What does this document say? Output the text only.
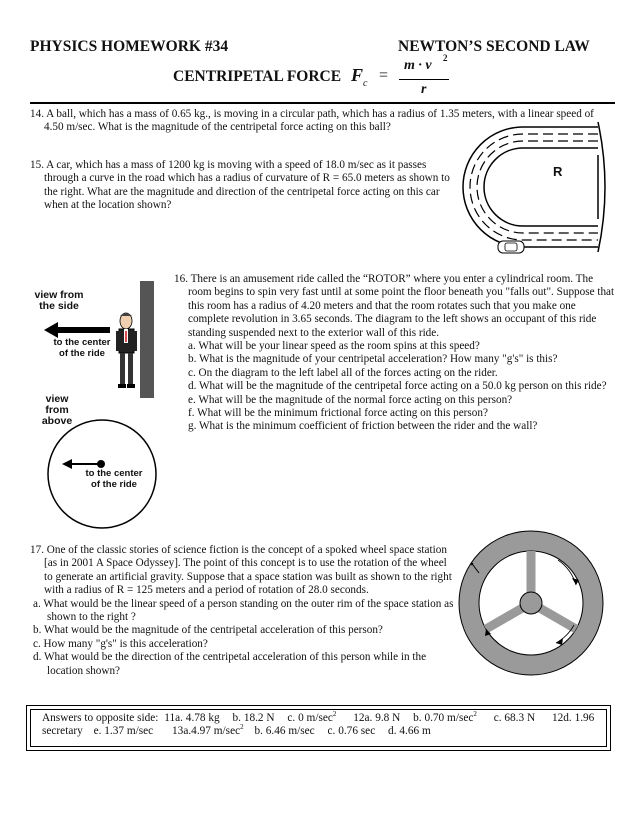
PHYSICS HOMEWORK #34	NEWTON’S SECOND LAW
CENTRIPETAL FORCE F c =
m · v 2
r
14. A ball, which has a mass of 0.65 kg., is moving in a circular path, which has a radius of 1.35 meters, with a linear speed of 4.50 m/sec. What is the magnitude of the centripetal force acting on this ball?
15. A car, which has a mass of 1200 kg is moving with a speed of 18.0 m/sec as it passes through a curve in the road which has a radius of curvature of R = 65.0 meters as shown to the right. What are the magnitude and direction of the centripetal force acting on this car when at the location shown?
R
16. There is an amusement ride called the “ROTOR” where you enter a cylindrical room. The room begins to spin very fast until at some point the floor beneath you "falls out". Suppose that this room has a radius of 4.20 meters and that the room rotates such that you make one complete revolution in 3.65 seconds. The diagram to the left shows an occupant of this ride standing suspended next to the exterior wall of this ride.
a. What will be your linear speed as the room spins at this speed?
b. What is the magnitude of your centripetal acceleration? How many "g's" is this?
c. On the diagram to the left label all of the forces acting on the rider.
d. What will be the magnitude of the centripetal force acting on a 50.0 kg person on this ride?
e. What will be the magnitude of the normal force acting on this person?
f. What will be the minimum frictional force acting on this person?
g. What is the minimum coefficient of friction between the rider and the wall?
view from the side
to the center of the ride
view from above
to the center of the ride
17. One of the classic stories of science fiction is the concept of a spoked wheel space station [as in 2001 A Space Odyssey]. The point of this concept is to use the rotation of the wheel to generate an artificial gravity. Suppose that a space station was built as shown to the right with a radius of R = 125 meters and a period of rotation of 28.0 seconds.
a. What would be the linear speed of a person standing on the outer rim of the space station as shown to the right ?
b. What would be the magnitude of the centripetal acceleration of this person?
c. How many "g's" is this acceleration?
d. What would be the direction of the centripetal acceleration of this person while in the location shown?
Answers to opposite side: 11a. 4.78 kg b. 18.2 N c. 0 $m/\sec^2$ 12a. 9.8 N b. 0.70 $m/\sec^2$ c. 68.3 N 12d. 1.96
secretary e. 1.37 m/sec 13a.4.97 $m/\sec^2$ b. 6.46 m/sec c. 0.76 sec d. 4.66 m
